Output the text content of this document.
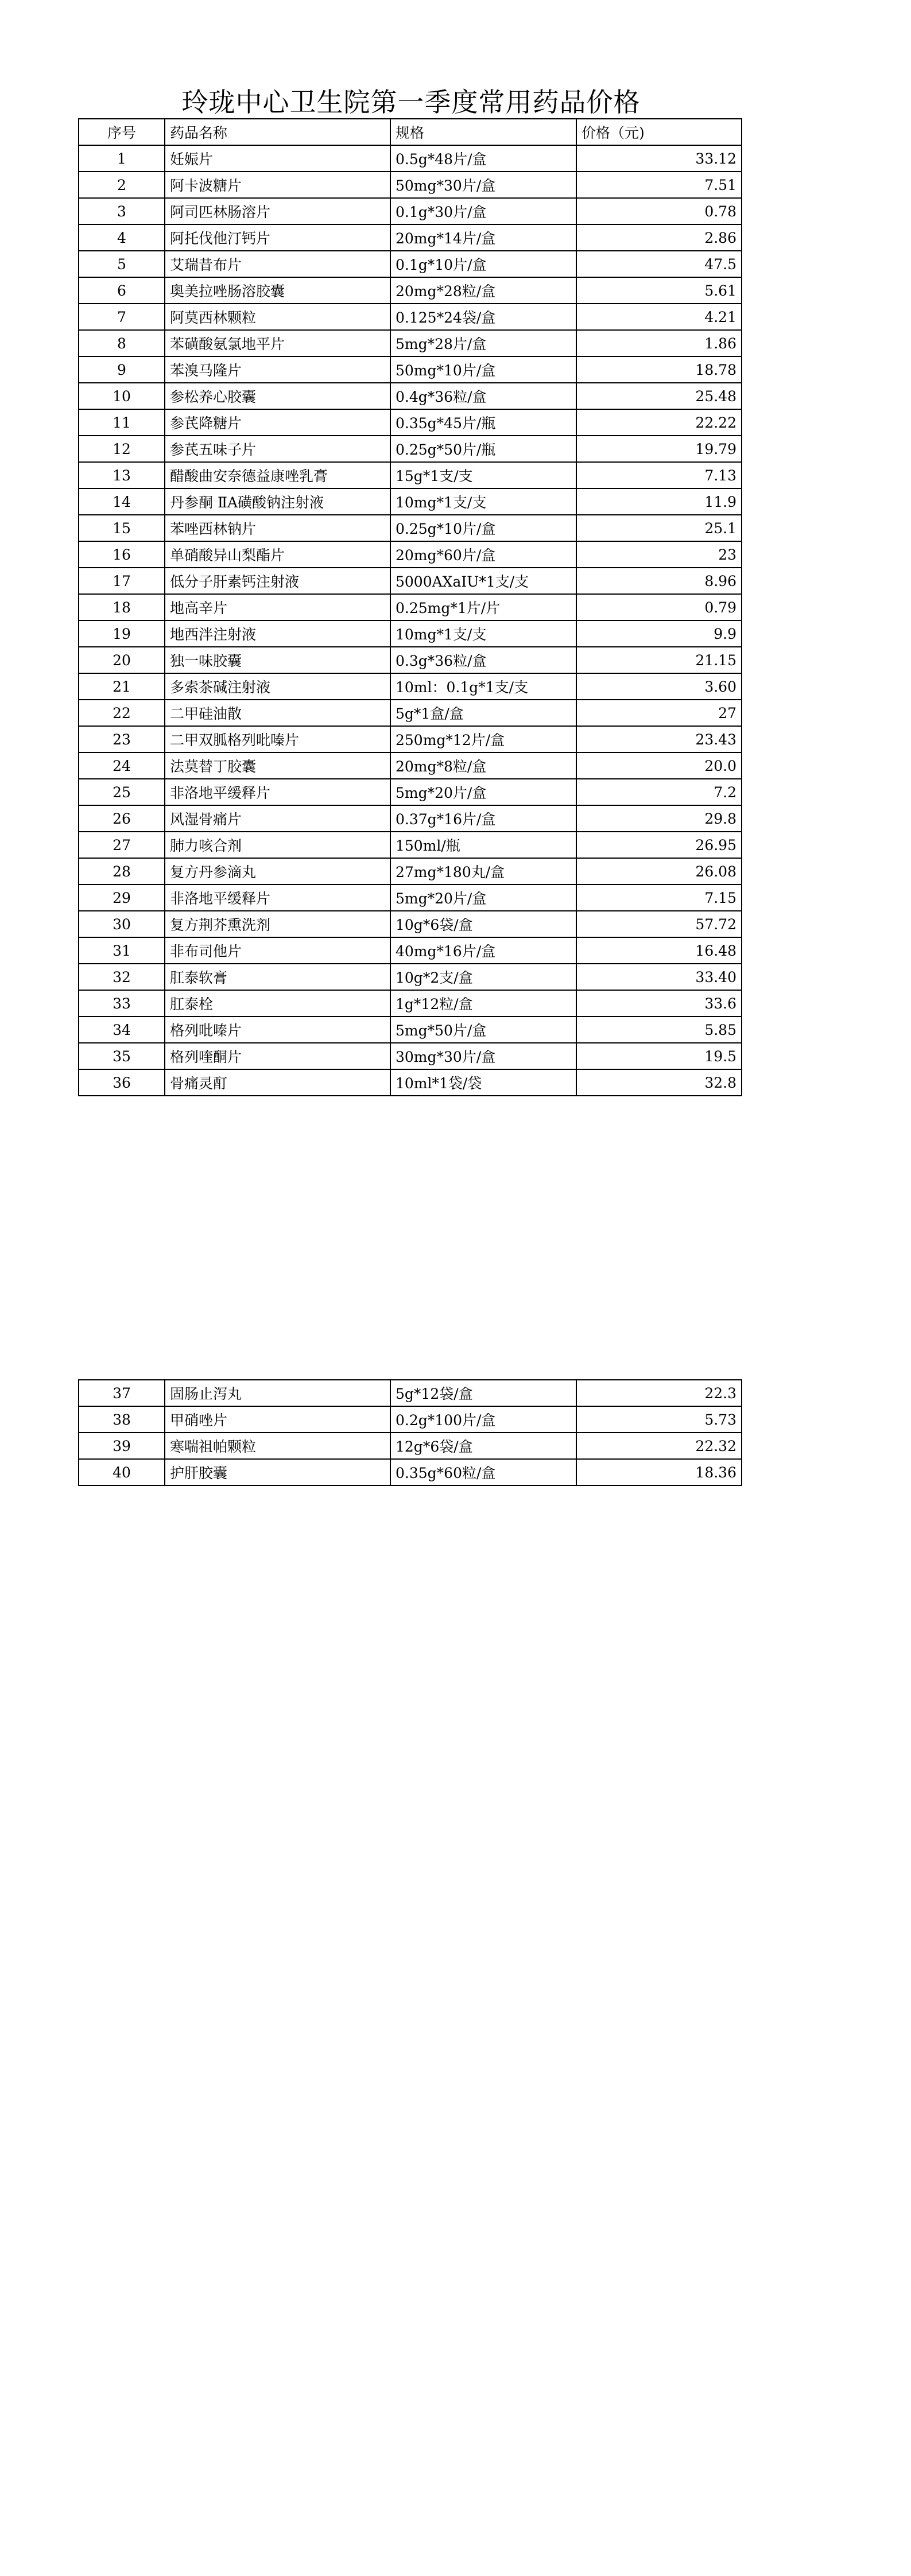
玲珑中心卫生院第一季度常用药品价格
序号	药品名称	规格	价格（元)
1	妊娠片	0.5g*48片/盒	33.12
2	阿卡波糖片	50mg*30片/盒	7.51
3	阿司匹林肠溶片	0.1g*30片/盒	0.78
4	阿托伐他汀钙片	20mg*14片/盒	2.86
5	艾瑞昔布片	0.1g*10片/盒	47.5
6	奥美拉唑肠溶胶囊	20mg*28粒/盒	5.61
7	阿莫西林颗粒	0.125*24袋/盒	4.21
8	苯磺酸氨氯地平片	5mg*28片/盒	1.86
9	苯溴马隆片	50mg*10片/盒	18.78
10	参松养心胶囊	0.4g*36粒/盒	25.48
11	参芪降糖片	0.35g*45片/瓶	22.22
12	参芪五味子片	0.25g*50片/瓶	19.79
13	醋酸曲安奈德益康唑乳膏	15g*1支/支	7.13
14	丹参酮 ⅡA磺酸钠注射液	10mg*1支/支	11.9
15	苯唑西林钠片	0.25g*10片/盒	25.1
16	单硝酸异山梨酯片	20mg*60片/盒	23
17	低分子肝素钙注射液	5000AXaIU*1支/支	8.96
18	地高辛片	0.25mg*1片/片	0.79
19	地西泮注射液	10mg*1支/支	9.9
20	独一味胶囊	0.3g*36粒/盒	21.15
21	多索茶碱注射液	10ml：0.1g*1支/支	3.60
22	二甲硅油散	5g*1盒/盒	27
23	二甲双胍格列吡嗪片	250mg*12片/盒	23.43
24	法莫替丁胶囊	20mg*8粒/盒	20.0
25	非洛地平缓释片	5mg*20片/盒	7.2
26	风湿骨痛片	0.37g*16片/盒	29.8
27	肺力咳合剂	150ml/瓶	26.95
28	复方丹参滴丸	27mg*180丸/盒	26.08
29	非洛地平缓释片	5mg*20片/盒	7.15
30	复方荆芥熏洗剂	10g*6袋/盒	57.72
31	非布司他片	40mg*16片/盒	16.48
32	肛泰软膏	10g*2支/盒	33.40
33	肛泰栓	1g*12粒/盒	33.6
34	格列吡嗪片	5mg*50片/盒	5.85
35	格列喹酮片	30mg*30片/盒	19.5
36	骨痛灵酊	10ml*1袋/袋	32.8
37	固肠止泻丸	5g*12袋/盒	22.3
38	甲硝唑片	0.2g*100片/盒	5.73
39	寒喘祖帕颗粒	12g*6袋/盒	22.32
40	护肝胶囊	0.35g*60粒/盒	18.36
